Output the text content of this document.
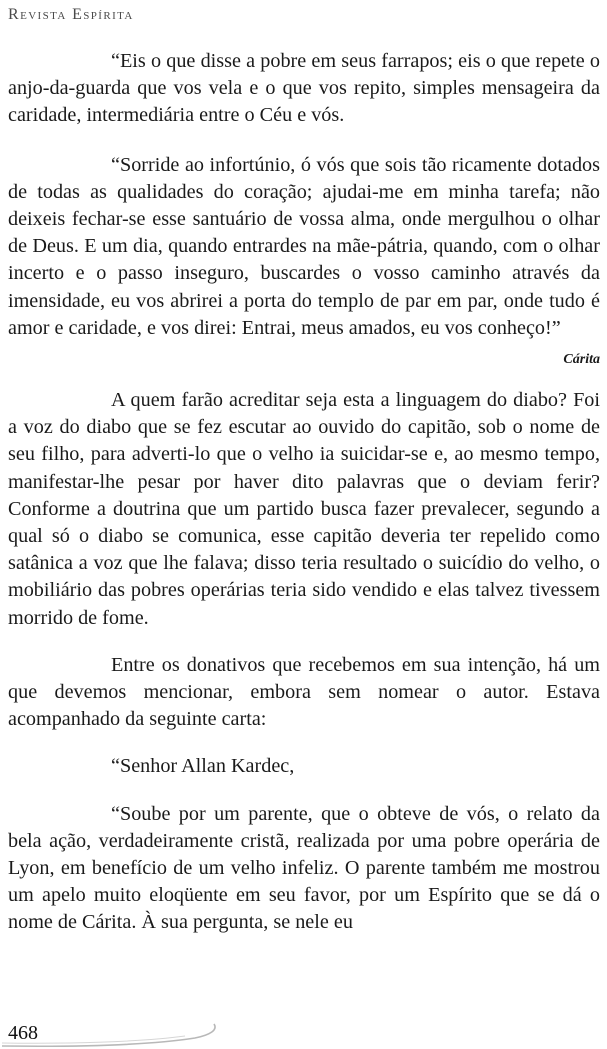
Revista Espírita

“Eis o que disse a pobre em seus farrapos; eis o que repete o anjo-da-guarda que vos vela e o que vos repito, simples mensageira da caridade, intermediária entre o Céu e vós.

“Sorride ao infortúnio, ó vós que sois tão ricamente dotados de todas as qualidades do coração; ajudai-me em minha tarefa; não deixeis fechar-se esse santuário de vossa alma, onde mergulhou o olhar de Deus. E um dia, quando entrardes na mãe-pátria, quando, com o olhar incerto e o passo inseguro, buscardes o vosso caminho através da imensidade, eu vos abrirei a porta do templo de par em par, onde tudo é amor e caridade, e vos direi: Entrai, meus amados, eu vos conheço!”

Cárita

A quem farão acreditar seja esta a linguagem do diabo? Foi a voz do diabo que se fez escutar ao ouvido do capitão, sob o nome de seu filho, para adverti-lo que o velho ia suicidar-se e, ao mesmo tempo, manifestar-lhe pesar por haver dito palavras que o deviam ferir? Conforme a doutrina que um partido busca fazer prevalecer, segundo a qual só o diabo se comunica, esse capitão deveria ter repelido como satânica a voz que lhe falava; disso teria resultado o suicídio do velho, o mobiliário das pobres operárias teria sido vendido e elas talvez tivessem morrido de fome.

Entre os donativos que recebemos em sua intenção, há um que devemos mencionar, embora sem nomear o autor. Estava acompanhado da seguinte carta:

“Senhor Allan Kardec,

“Soube por um parente, que o obteve de vós, o relato da bela ação, verdadeiramente cristã, realizada por uma pobre operária de Lyon, em benefício de um velho infeliz. O parente também me mostrou um apelo muito eloqüente em seu favor, por um Espírito que se dá o nome de Cárita. À sua pergunta, se nele eu

468
